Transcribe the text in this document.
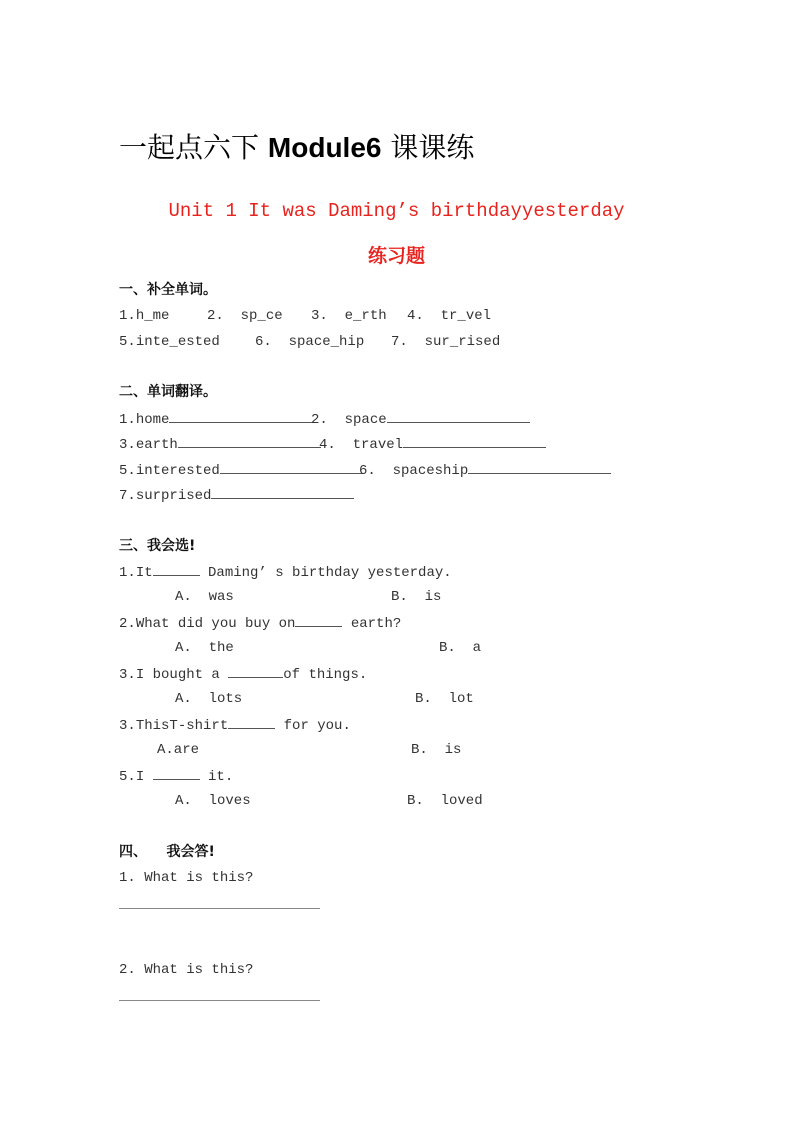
一起点六下 Module6 课课练
Unit 1 It was Daming’s birthdayyesterday
练习题
一、补全单词。
1.h_me	2. sp_ce 3. e_rth 4. tr_vel
5.inte_ested	6. space_hip 7. sur_rised
二、单词翻译。
1.home	2. space
3.earth	4. travel
5.interested	6. spaceship
7.surprised
三、我会选!
1.It	Daming’ s birthday yesterday.
A.  was	B.  is
2.What did you buy on	earth?
A.  the	B.  a
3.I bought a	of things.
A.  lots	B.  lot
3.ThisT-shirt	for you.
A.are	B.  is
5.I	it.
A.  loves	B.  loved
四、 我会答!
1. What is this?
2. What is this?
